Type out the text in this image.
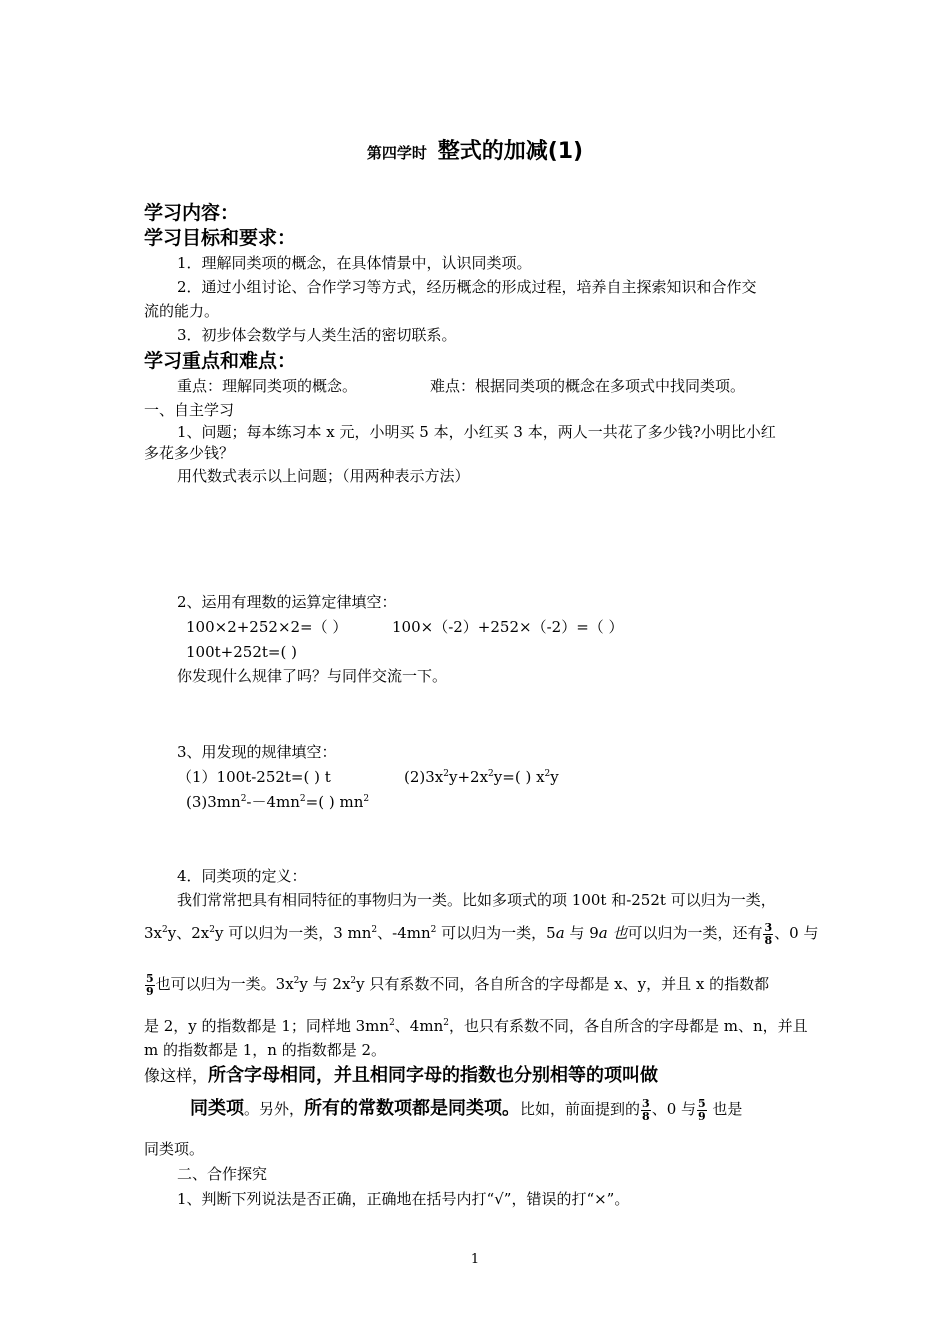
第四学时 整式的加减(1)
学习内容：
学习目标和要求：
1．理解同类项的概念，在具体情景中，认识同类项。
2．通过小组讨论、合作学习等方式，经历概念的形成过程，培养自主探索知识和合作交
流的能力。
3．初步体会数学与人类生活的密切联系。
学习重点和难点：
重点：理解同类项的概念。	难点：根据同类项的概念在多项式中找同类项。
一、自主学习
1、问题；每本练习本 x 元，小明买 5 本，小红买 3 本，两人一共花了多少钱?小明比小红
多花多少钱？
用代数式表示以上问题；（用两种表示方法）
2、运用有理数的运算定律填空：
100×2+252×2=（ ）	100×（-2）+252×（-2）=（ ）
100t+252t=( )
你发现什么规律了吗？与同伴交流一下。
3、用发现的规律填空：
（1）100t-252t=( ) t	$(2)3x^2y+2x^2y=$( ) $x^2y$
$(3)3mn^2--4mn^2=$( ) $mn^2$
4．同类项的定义：
我们常常把具有相同特征的事物归为一类。比如多项式的项 100t 和-252t 可以归为一类，
$3x^2y$、$2x^2y$ 可以归为一类，3 $mn^2$、$-4mn^2$ 可以归为一类，5a 与 9a 也可以归为一类，还有 $\frac{3}{8}$ 、0 与
$\frac{5}{9}$ 也可以归为一类。$3x^2y$ 与 $2x^2y$ 只有系数不同，各自所含的字母都是 x、y，并且 x 的指数都
是 2，y 的指数都是 1；同样地 $3mn^2$、$4mn^2$，也只有系数不同，各自所含的字母都是 m、n，并且
m 的指数都是 1，n 的指数都是 2。
像这样，所含字母相同，并且相同字母的指数也分别相等的项叫做
同类项。另外，所有的常数项都是同类项。比如，前面提到的 $\frac{3}{8}$ 、0 与 $\frac{5}{9}$ 也是
同类项。
二、合作探究
1、判断下列说法是否正确，正确地在括号内打“√”，错误的打“×”。
1
